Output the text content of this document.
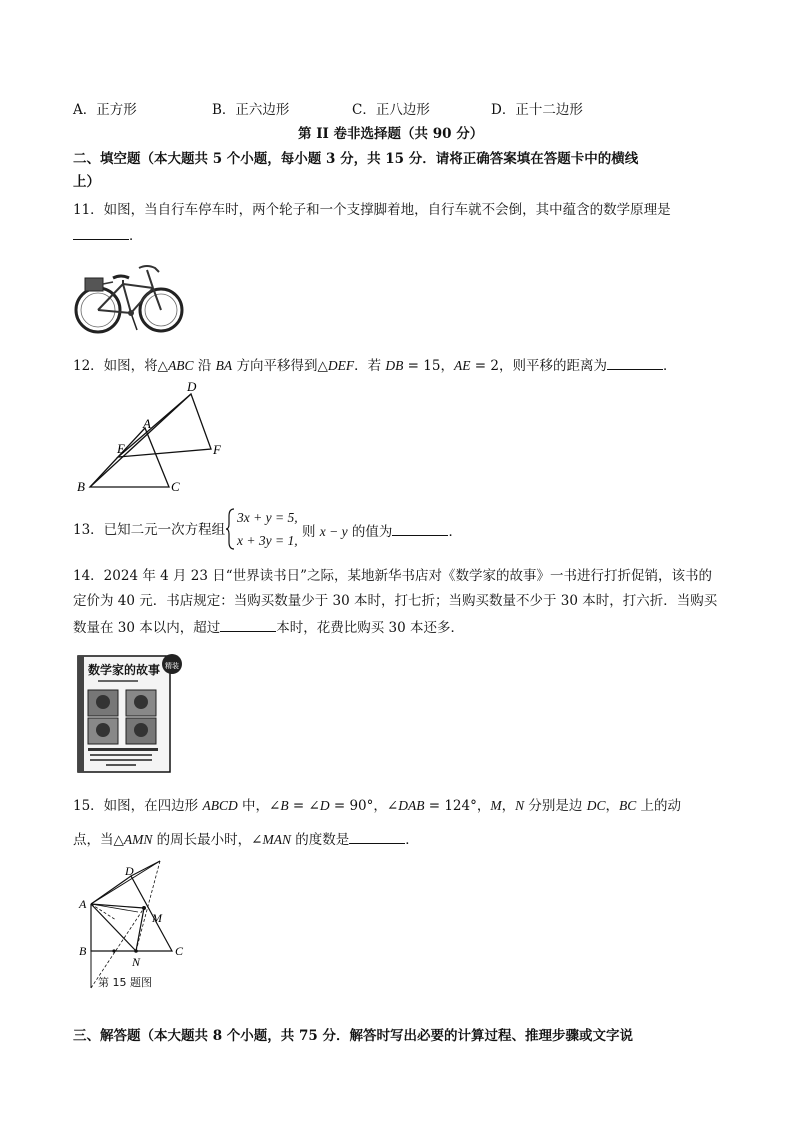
A．正方形	B．正六边形	C．正八边形	D．正十二边形
第 II 卷非选择题（共 90 分）
二、填空题（本大题共 5 个小题，每小题 3 分，共 15 分．请将正确答案填在答题卡中的横线
上）
11．如图，当自行车停车时，两个轮子和一个支撑脚着地，自行车就不会倒，其中蕴含的数学原理是
．
12．如图，将△ABC 沿 BA 方向平移得到△DEF．若 DB = 15，AE = 2，则平移的距离为	．
D
A
E	F
B	C
13．已知二元一次方程组
3x + y = 5,
x + 3y = 1,
则 x − y 的值为	．
14．2024 年 4 月 23 日“世界读书日”之际，某地新华书店对《数学家的故事》一书进行打折促销，该书的
定价为 40 元．书店规定：当购买数量少于 30 本时，打七折；当购买数量不少于 30 本时，打六折．当购买
数量在 30 本以内，超过	本时，花费比购买 30 本还多．
数学家的故事 精装
15．如图，在四边形 ABCD 中，∠B = ∠D = 90°，∠DAB = 124°，M，N 分别是边 DC，BC 上的动
点，当△AMN 的周长最小时，∠MAN 的度数是	．
D
A
M
B
N
C
第 15 题图
三、解答题（本大题共 8 个小题，共 75 分．解答时写出必要的计算过程、推理步骤或文字说
